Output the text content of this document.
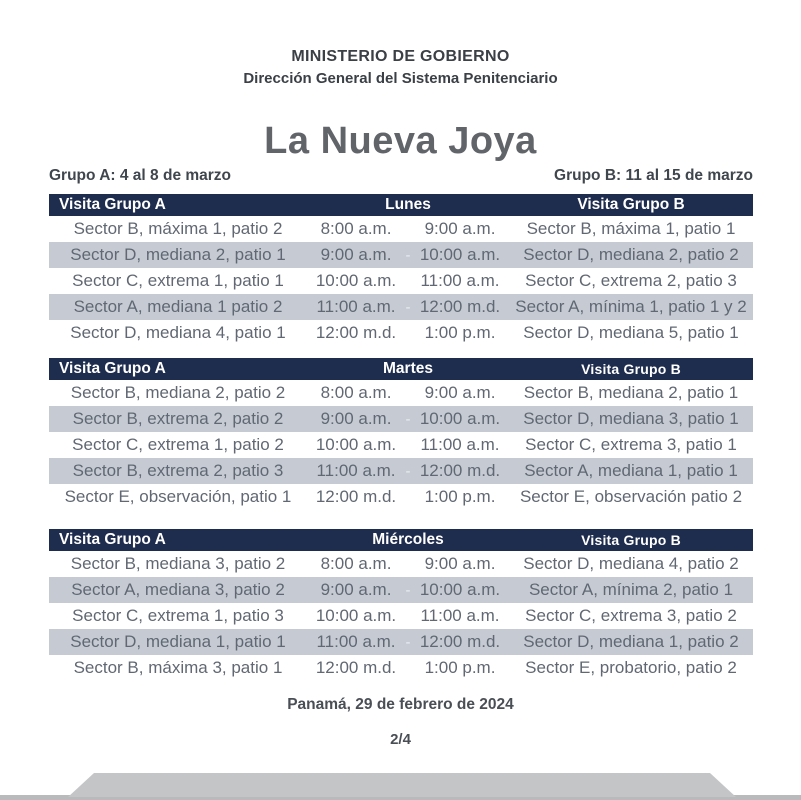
MINISTERIO DE GOBIERNO
Dirección General del Sistema Penitenciario
La Nueva Joya
Grupo A: 4 al 8 de marzo	Grupo B: 11 al 15 de marzo
Visita Grupo A	Lunes	Visita Grupo B
Sector B, máxima 1, patio 2	8:00 a.m.	9:00 a.m.	Sector B, máxima 1, patio 1
Sector D, mediana 2, patio 1	9:00 a.m. - 10:00 a.m.	Sector D, mediana 2, patio 2
Sector C, extrema 1, patio 1	10:00 a.m.	11:00 a.m.	Sector C, extrema 2, patio 3
Sector A, mediana 1 patio 2	11:00 a.m. - 12:00 m.d. Sector A, mínima 1, patio 1 y 2
Sector D, mediana 4, patio 1	12:00 m.d.	1:00 p.m.	Sector D, mediana 5, patio 1
Visita Grupo A	Martes	Visita Grupo B
Sector B, mediana 2, patio 2	8:00 a.m.	9:00 a.m.	Sector B, mediana 2, patio 1
Sector B, extrema 2, patio 2	9:00 a.m. - 10:00 a.m.	Sector D, mediana 3, patio 1
Sector C, extrema 1, patio 2	10:00 a.m.	11:00 a.m.	Sector C, extrema 3, patio 1
Sector B, extrema 2, patio 3	11:00 a.m. - 12:00 m.d.	Sector A, mediana 1, patio 1
Sector E, observación, patio 1	12:00 m.d.	1:00 p.m.	Sector E, observación patio 2
Visita Grupo A	Miércoles	Visita Grupo B
Sector B, mediana 3, patio 2	8:00 a.m.	9:00 a.m.	Sector D, mediana 4, patio 2
Sector A, mediana 3, patio 2	9:00 a.m. - 10:00 a.m.	Sector A, mínima 2, patio 1
Sector C, extrema 1, patio 3	10:00 a.m.	11:00 a.m.	Sector C, extrema 3, patio 2
Sector D, mediana 1, patio 1	11:00 a.m. - 12:00 m.d.	Sector D, mediana 1, patio 2
Sector B, máxima 3, patio 1	12:00 m.d.	1:00 p.m.	Sector E, probatorio, patio 2
Panamá, 29 de febrero de 2024
2/4
